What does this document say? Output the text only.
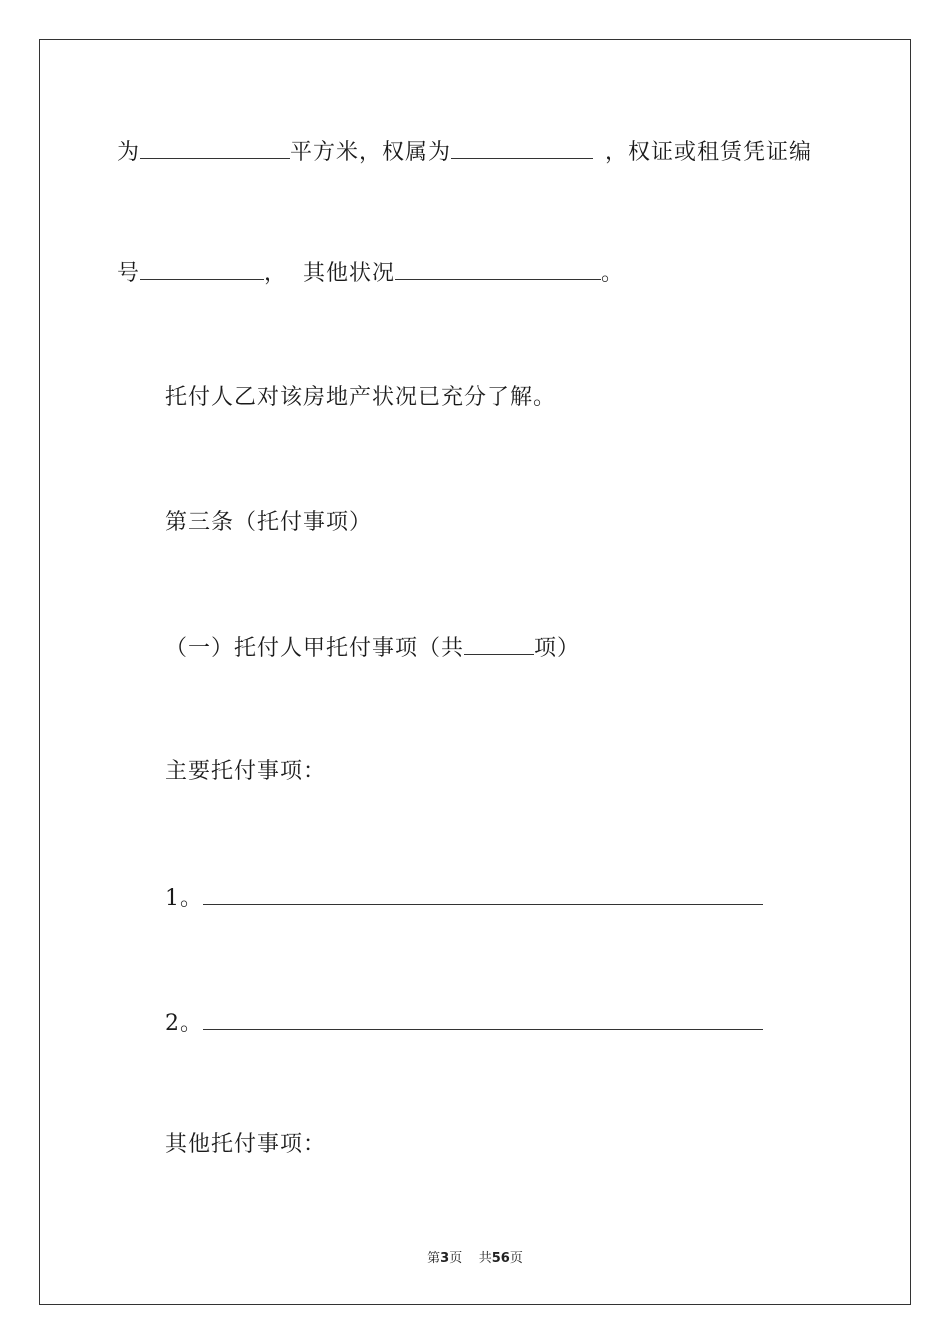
为	平方米，权属为	，权证或租赁凭证编
号	， 其他状况	。
托付人乙对该房地产状况已充分了解。
第三条（托付事项）
（一）托付人甲托付事项（共	项）
主要托付事项：
1。
2。
其他托付事项：
第3页 共56页
